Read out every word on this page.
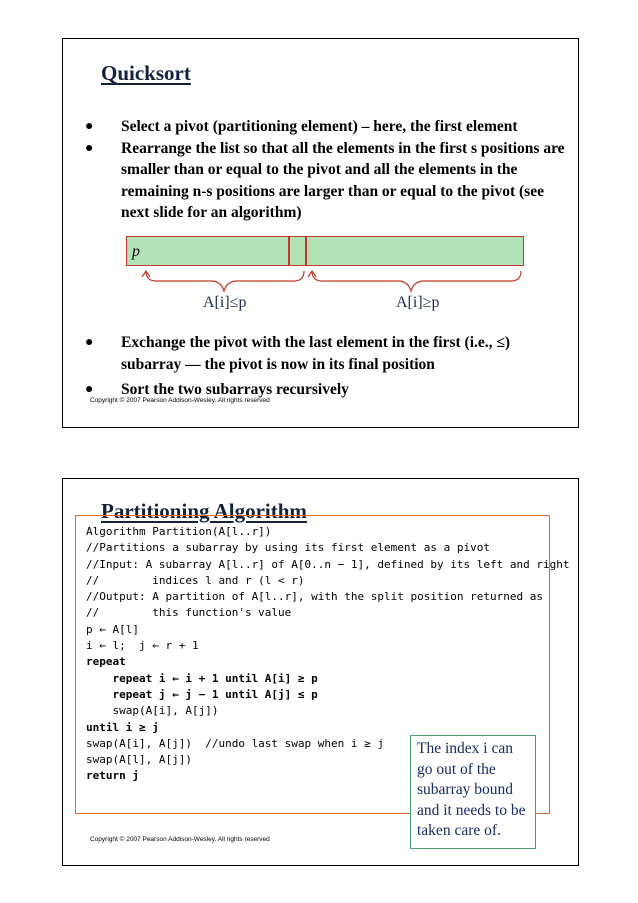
Quicksort
● Select a pivot (partitioning element) – here, the first element
● Rearrange the list so that all the elements in the first s positions are smaller than or equal to the pivot and all the elements in the remaining n-s positions are larger than or equal to the pivot (see next slide for an algorithm)
p
A[i]≤p	A[i]≥p
● Exchange the pivot with the last element in the first (i.e., ≤) subarray — the pivot is now in its final position
● Sort the two subarrays recursively
Copyright © 2007 Pearson Addison-Wesley. All rights reserved
Partitioning Algorithm
Algorithm Partition(A[l..r])
//Partitions a subarray by using its first element as a pivot
//Input: A subarray A[l..r] of A[0..n − 1], defined by its left and right
//        indices l and r (l < r)
//Output: A partition of A[l..r], with the split position returned as
//        this function's value
p ← A[l]
i ← l;  j ← r + 1
repeat
repeat i ← i + 1 until A[i] ≥ p
repeat j ← j − 1 until A[j] ≤ p
swap(A[i], A[j])
until i ≥ j
swap(A[i], A[j])  //undo last swap when i ≥ j
swap(A[l], A[j])
return j
The index i can go out of the subarray bound and it needs to be taken care of.
Copyright © 2007 Pearson Addison-Wesley. All rights reserved
